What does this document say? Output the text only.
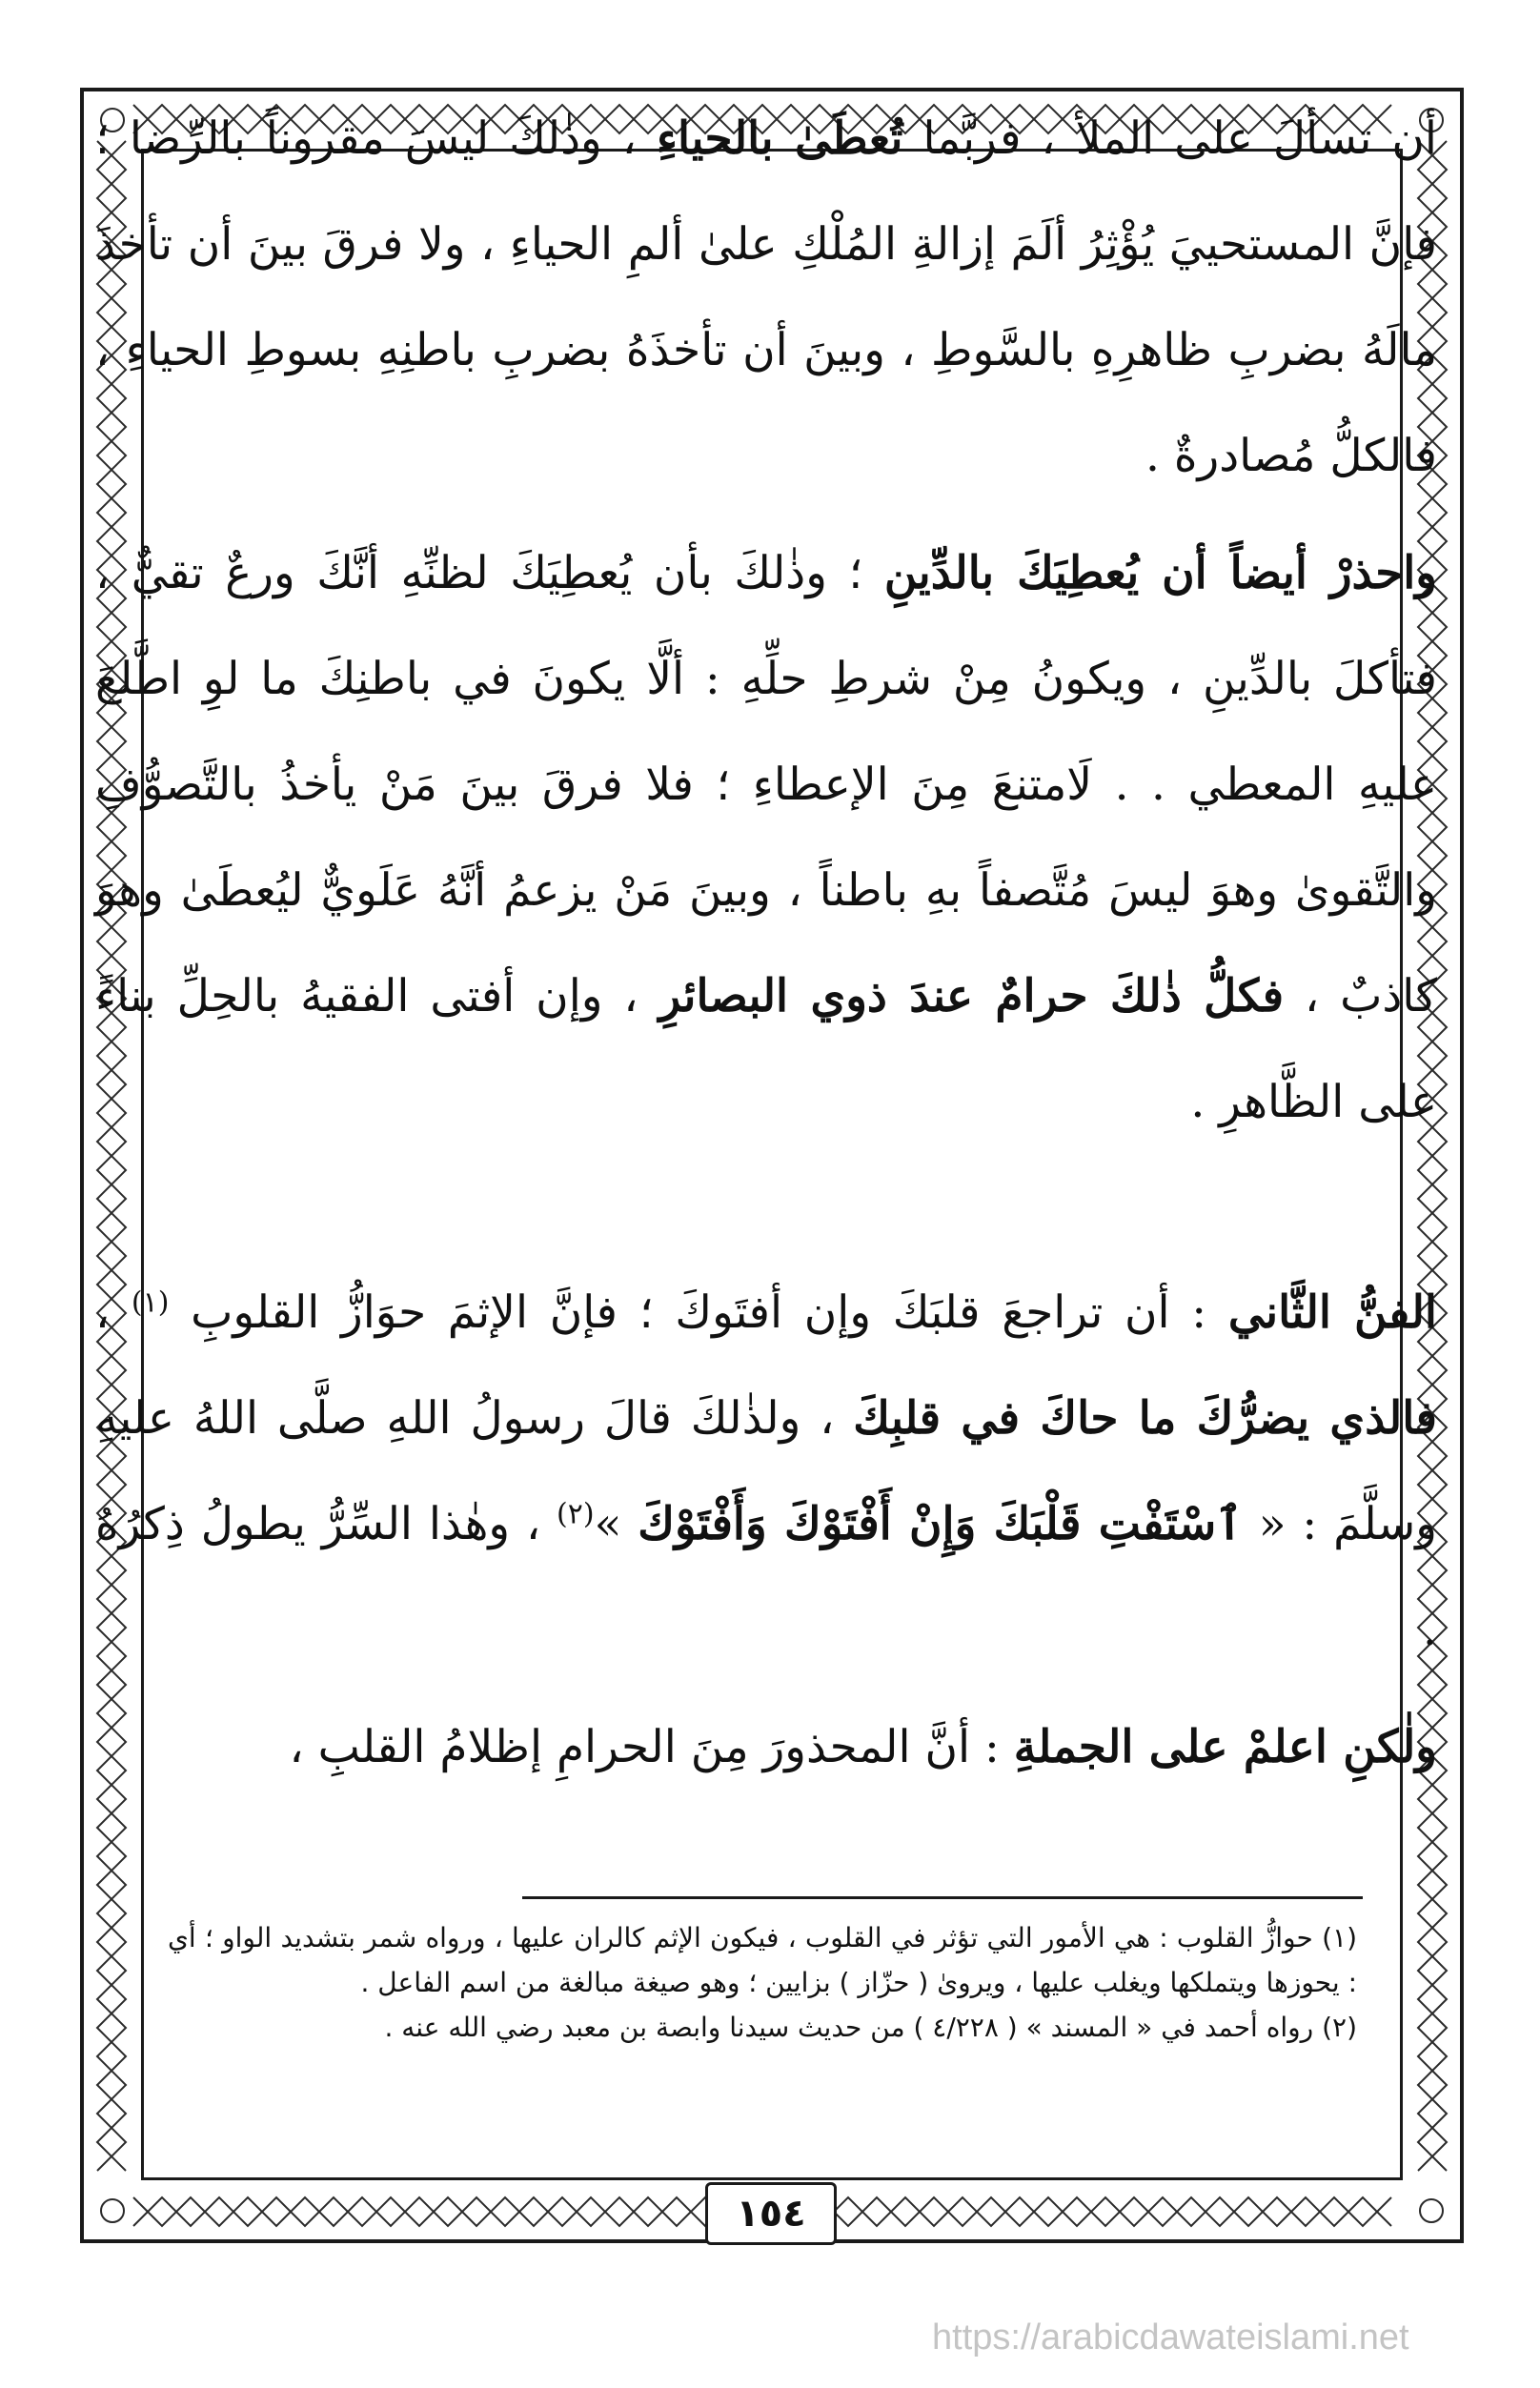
أن تسألَ على الملأ ، فربَّما تُعطَىٰ بالحياءِ ، وذٰلكَ ليسَ مقروناً بالرِّضا ؛ فإنَّ المستحييَ يُؤْثِرُ ألَمَ إزالةِ المُلْكِ علىٰ ألمِ الحياءِ ، ولا فرقَ بينَ أن تأخذَ مالَهُ بضربِ ظاهرِهِ بالسَّوطِ ، وبينَ أن تأخذَهُ بضربِ باطنِهِ بسوطِ الحياءِ ، فالكلُّ مُصادرةٌ .

واحذرْ أيضاً أن يُعطِيَكَ بالدِّينِ ؛ وذٰلكَ بأن يُعطِيَكَ لظنِّهِ أنَّكَ ورعٌ تقيٌّ ، فتأكلَ بالدِّينِ ، ويكونُ مِنْ شرطِ حلِّهِ : ألَّا يكونَ في باطنِكَ ما لوِ اطَّلعَ عليهِ المعطي . . لَامتنعَ مِنَ الإعطاءِ ؛ فلا فرقَ بينَ مَنْ يأخذُ بالتَّصوُّفِ والتَّقوىٰ وهوَ ليسَ مُتَّصفاً بهِ باطناً ، وبينَ مَنْ يزعمُ أنَّهُ عَلَويٌّ ليُعطَىٰ وهوَ كاذبٌ ، فكلُّ ذٰلكَ حرامٌ عندَ ذوي البصائرِ ، وإن أفتى الفقيهُ بالحِلِّ بناءً على الظَّاهرِ .

الفنُّ الثَّاني : أن تراجعَ قلبَكَ وإن أفتَوكَ ؛ فإنَّ الإثمَ حوَازُّ القلوبِ $^{(١)}$ ، فالذي يضرُّكَ ما حاكَ في قلبِكَ ، ولذٰلكَ قالَ رسولُ اللهِ صلَّى اللهُ عليهِ وسلَّمَ : « ٱسْتَفْتِ قَلْبَكَ وَإِنْ أَفْتَوْكَ وَأَفْتَوْكَ »$^{(٢)}$ ، وهٰذا السِّرُّ يطولُ ذِكرُهُ .

ولٰكنِ اعلمْ على الجملةِ : أنَّ المحذورَ مِنَ الحرامِ إظلامُ القلبِ ،

(١) حوازُّ القلوب : هي الأمور التي تؤثر في القلوب ، فيكون الإثم كالران عليها ، ورواه شمر بتشديد الواو ؛ أي : يحوزها ويتملكها ويغلب عليها ، ويروىٰ ( حزّاز ) بزايين ؛ وهو صيغة مبالغة من اسم الفاعل .

(٢) رواه أحمد في « المسند » ( ٤/٢٢٨ ) من حديث سيدنا وابصة بن معبد رضي الله عنه .

١٥٤
https://arabicdawateislami.net
